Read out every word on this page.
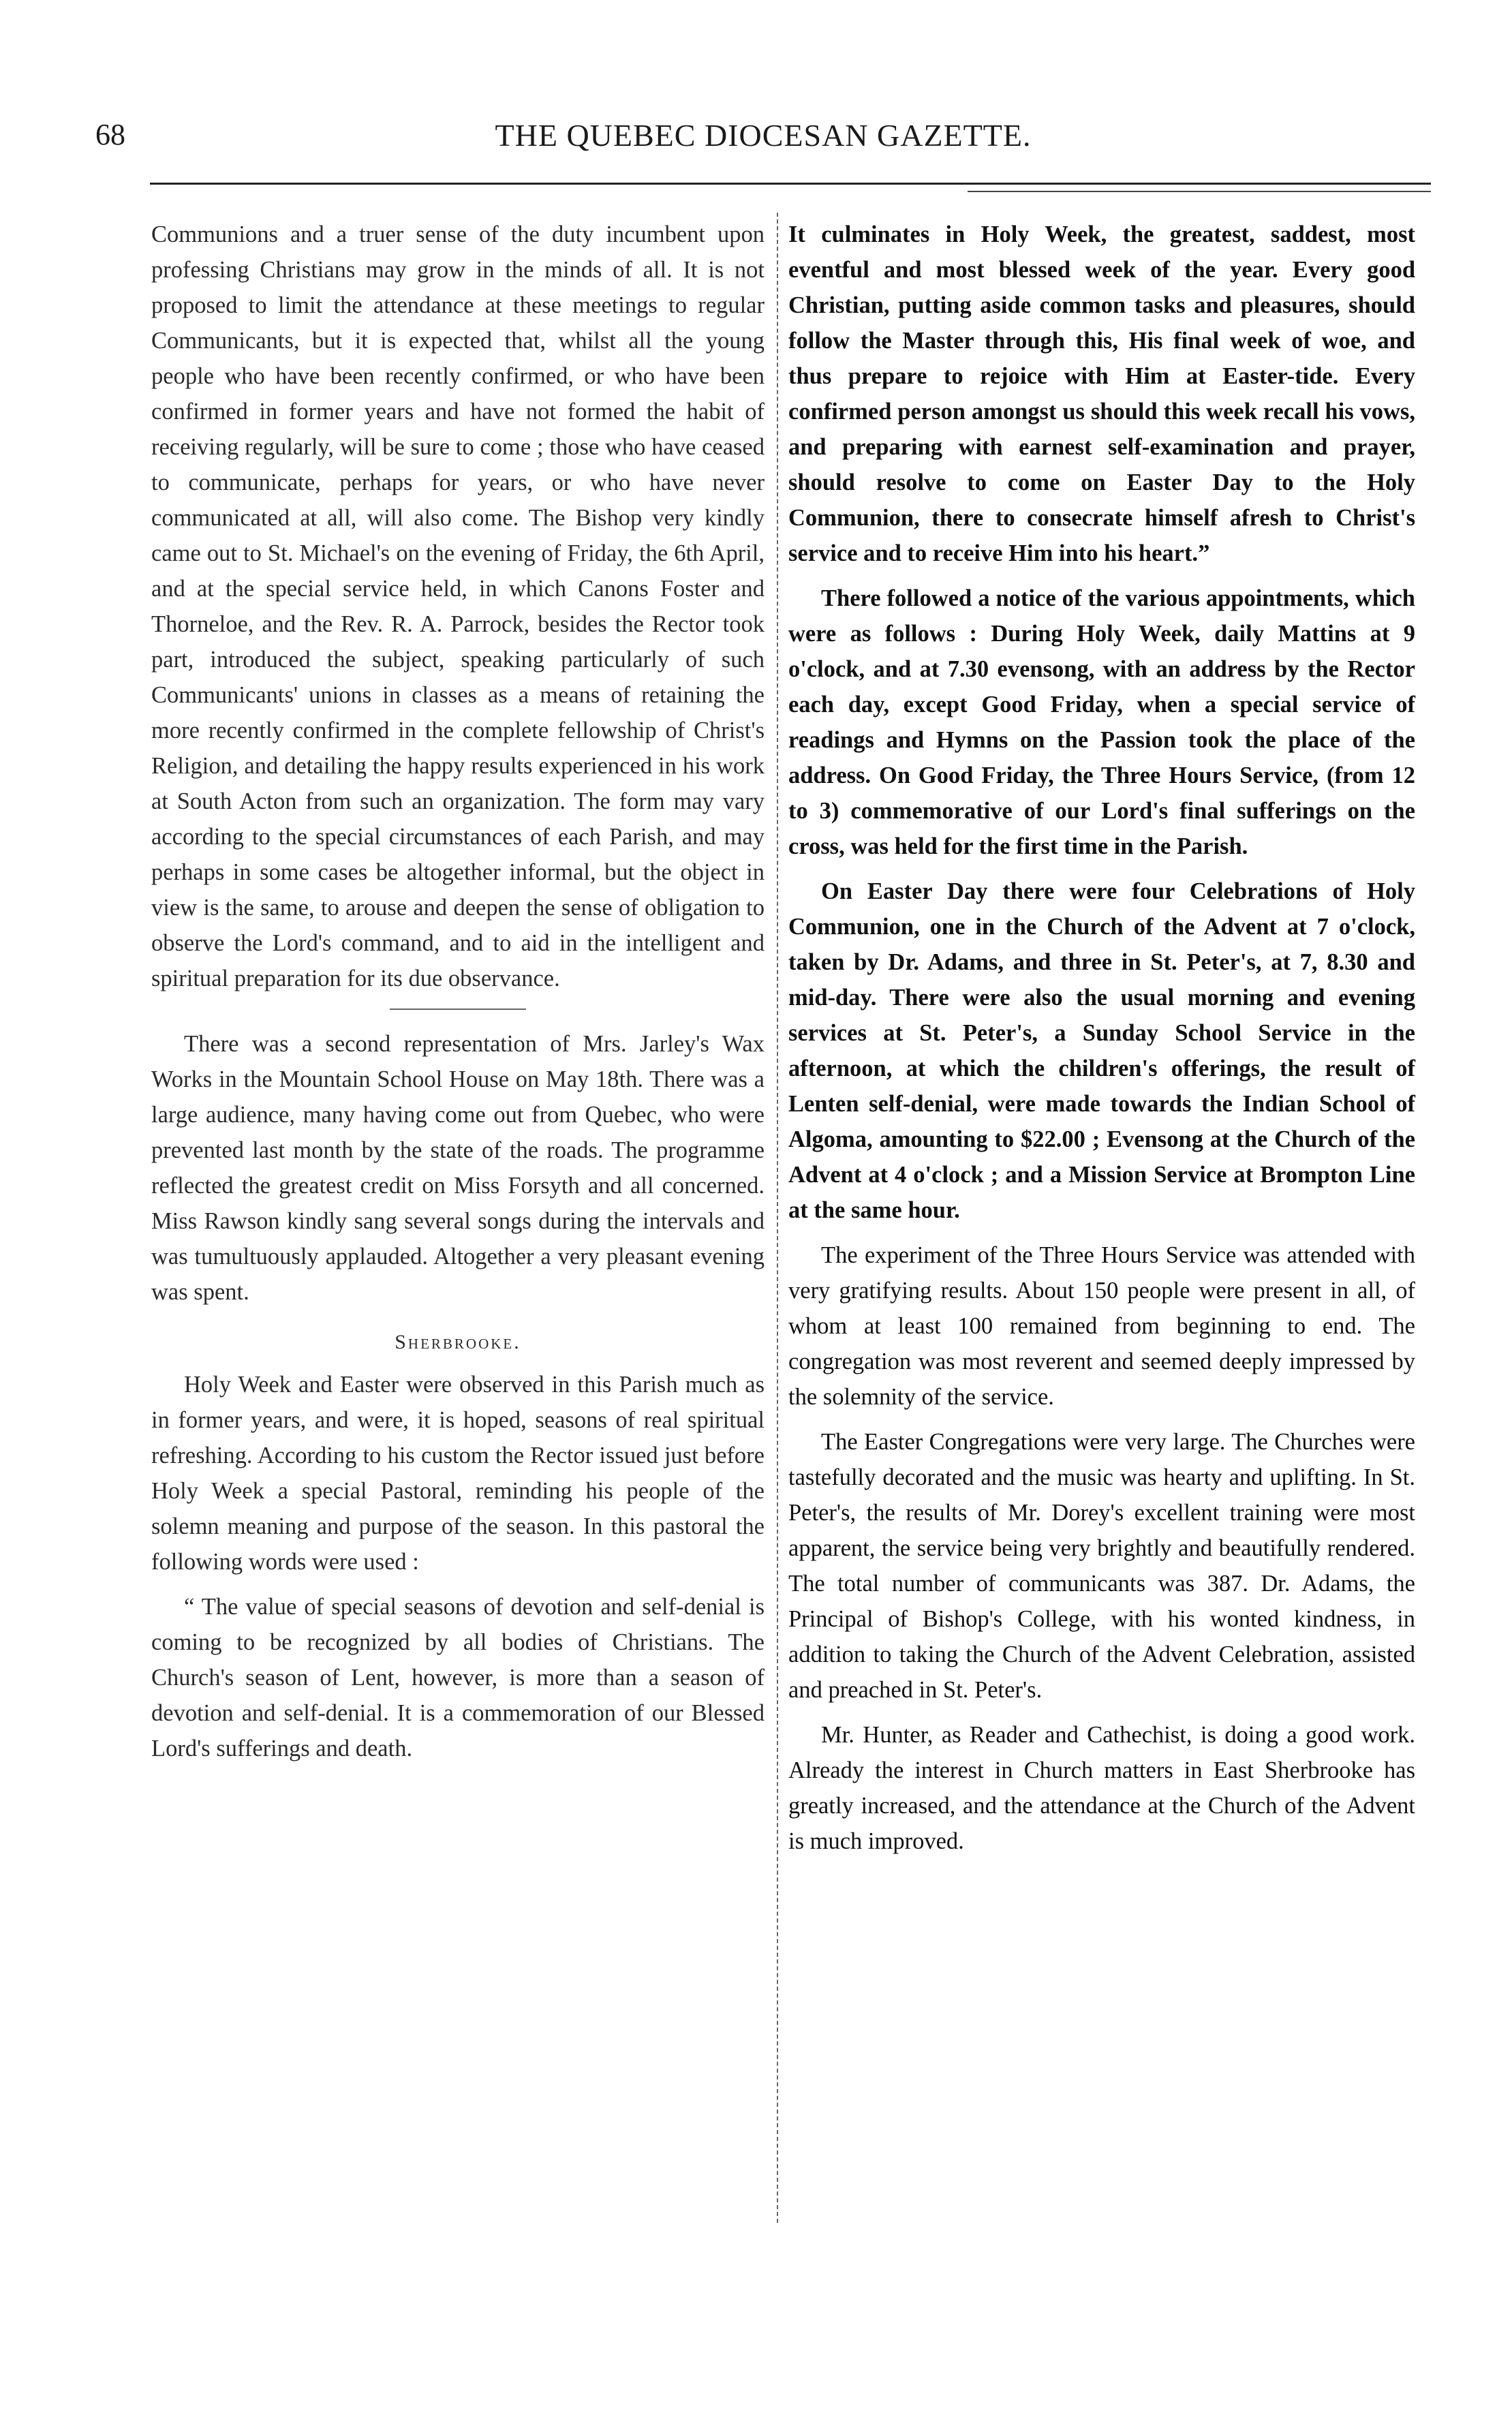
68	THE QUEBEC DIOCESAN GAZETTE.

Communions and a truer sense of the duty incumbent upon professing Christians may grow in the minds of all. It is not proposed to limit the attendance at these meetings to regular Communicants, but it is expected that, whilst all the young people who have been recently confirmed, or who have been confirmed in former years and have not formed the habit of receiving regularly, will be sure to come ; those who have ceased to communicate, perhaps for years, or who have never communicated at all, will also come. The Bishop very kindly came out to St. Michael's on the evening of Friday, the 6th April, and at the special service held, in which Canons Foster and Thorneloe, and the Rev. R. A. Parrock, besides the Rector took part, introduced the subject, speaking particularly of such Communicants' unions in classes as a means of retaining the more recently confirmed in the complete fellowship of Christ's Religion, and detailing the happy results experienced in his work at South Acton from such an organization. The form may vary according to the special circumstances of each Parish, and may perhaps in some cases be altogether informal, but the object in view is the same, to arouse and deepen the sense of obligation to observe the Lord's command, and to aid in the intelligent and spiritual preparation for its due observance.

There was a second representation of Mrs. Jarley's Wax Works in the Mountain School House on May 18th. There was a large audience, many having come out from Quebec, who were prevented last month by the state of the roads. The programme reflected the greatest credit on Miss Forsyth and all concerned. Miss Rawson kindly sang several songs during the intervals and was tumultuously applauded. Altogether a very pleasant evening was spent.

Sherbrooke.

Holy Week and Easter were observed in this Parish much as in former years, and were, it is hoped, seasons of real spiritual refreshing. According to his custom the Rector issued just before Holy Week a special Pastoral, reminding his people of the solemn meaning and purpose of the season. In this pastoral the following words were used :

“ The value of special seasons of devotion and self-denial is coming to be recognized by all bodies of Christians. The Church's season of Lent, however, is more than a season of devotion and self-denial. It is a commemoration of our Blessed Lord's sufferings and death.

It culminates in Holy Week, the greatest, saddest, most eventful and most blessed week of the year. Every good Christian, putting aside common tasks and pleasures, should follow the Master through this, His final week of woe, and thus prepare to rejoice with Him at Easter-tide. Every confirmed person amongst us should this week recall his vows, and preparing with earnest self-examination and prayer, should resolve to come on Easter Day to the Holy Communion, there to consecrate himself afresh to Christ's service and to receive Him into his heart.”

There followed a notice of the various appointments, which were as follows : During Holy Week, daily Mattins at 9 o'clock, and at 7.30 evensong, with an address by the Rector each day, except Good Friday, when a special service of readings and Hymns on the Passion took the place of the address. On Good Friday, the Three Hours Service, (from 12 to 3) commemorative of our Lord's final sufferings on the cross, was held for the first time in the Parish.

On Easter Day there were four Celebrations of Holy Communion, one in the Church of the Advent at 7 o'clock, taken by Dr. Adams, and three in St. Peter's, at 7, 8.30 and mid-day. There were also the usual morning and evening services at St. Peter's, a Sunday School Service in the afternoon, at which the children's offerings, the result of Lenten self-denial, were made towards the Indian School of Algoma, amounting to $22.00 ; Evensong at the Church of the Advent at 4 o'clock ; and a Mission Service at Brompton Line at the same hour.

The experiment of the Three Hours Service was attended with very gratifying results. About 150 people were present in all, of whom at least 100 remained from beginning to end. The congregation was most reverent and seemed deeply impressed by the solemnity of the service.

The Easter Congregations were very large. The Churches were tastefully decorated and the music was hearty and uplifting. In St. Peter's, the results of Mr. Dorey's excellent training were most apparent, the service being very brightly and beautifully rendered. The total number of communicants was 387. Dr. Adams, the Principal of Bishop's College, with his wonted kindness, in addition to taking the Church of the Advent Celebration, assisted and preached in St. Peter's.

Mr. Hunter, as Reader and Cathechist, is doing a good work. Already the interest in Church matters in East Sherbrooke has greatly increased, and the attendance at the Church of the Advent is much improved.
